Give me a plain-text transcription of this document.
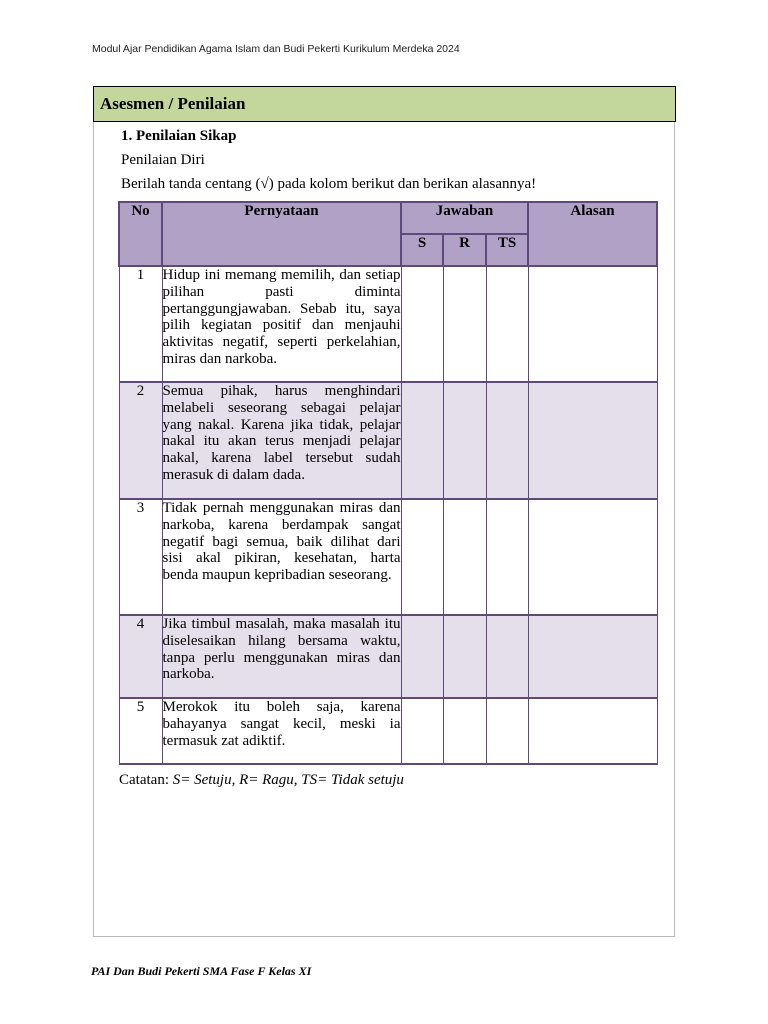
Modul Ajar Pendidikan Agama Islam dan Budi Pekerti Kurikulum Merdeka 2024
Asesmen / Penilaian
1. Penilaian Sikap
Penilaian Diri
Berilah tanda centang (√) pada kolom berikut dan berikan alasannya!
No	Pernyataan	Jawaban			Alasan
		S	R	TS	
1	Hidup ini memang memilih, dan setiap pilihan pasti diminta pertanggungjawaban. Sebab itu, saya pilih kegiatan positif dan menjauhi aktivitas negatif, seperti perkelahian, miras dan narkoba.				
2	Semua pihak, harus menghindari melabeli seseorang sebagai pelajar yang nakal. Karena jika tidak, pelajar nakal itu akan terus menjadi pelajar nakal, karena label tersebut sudah merasuk di dalam dada.				
3	Tidak pernah menggunakan miras dan narkoba, karena berdampak sangat negatif bagi semua, baik dilihat dari sisi akal pikiran, kesehatan, harta benda maupun kepribadian seseorang.				
4	Jika timbul masalah, maka masalah itu diselesaikan hilang bersama waktu, tanpa perlu menggunakan miras dan narkoba.				
5	Merokok itu boleh saja, karena bahayanya sangat kecil, meski ia termasuk zat adiktif.				
Catatan: S= Setuju, R= Ragu, TS= Tidak setuju
PAI Dan Budi Pekerti SMA Fase F Kelas XI
